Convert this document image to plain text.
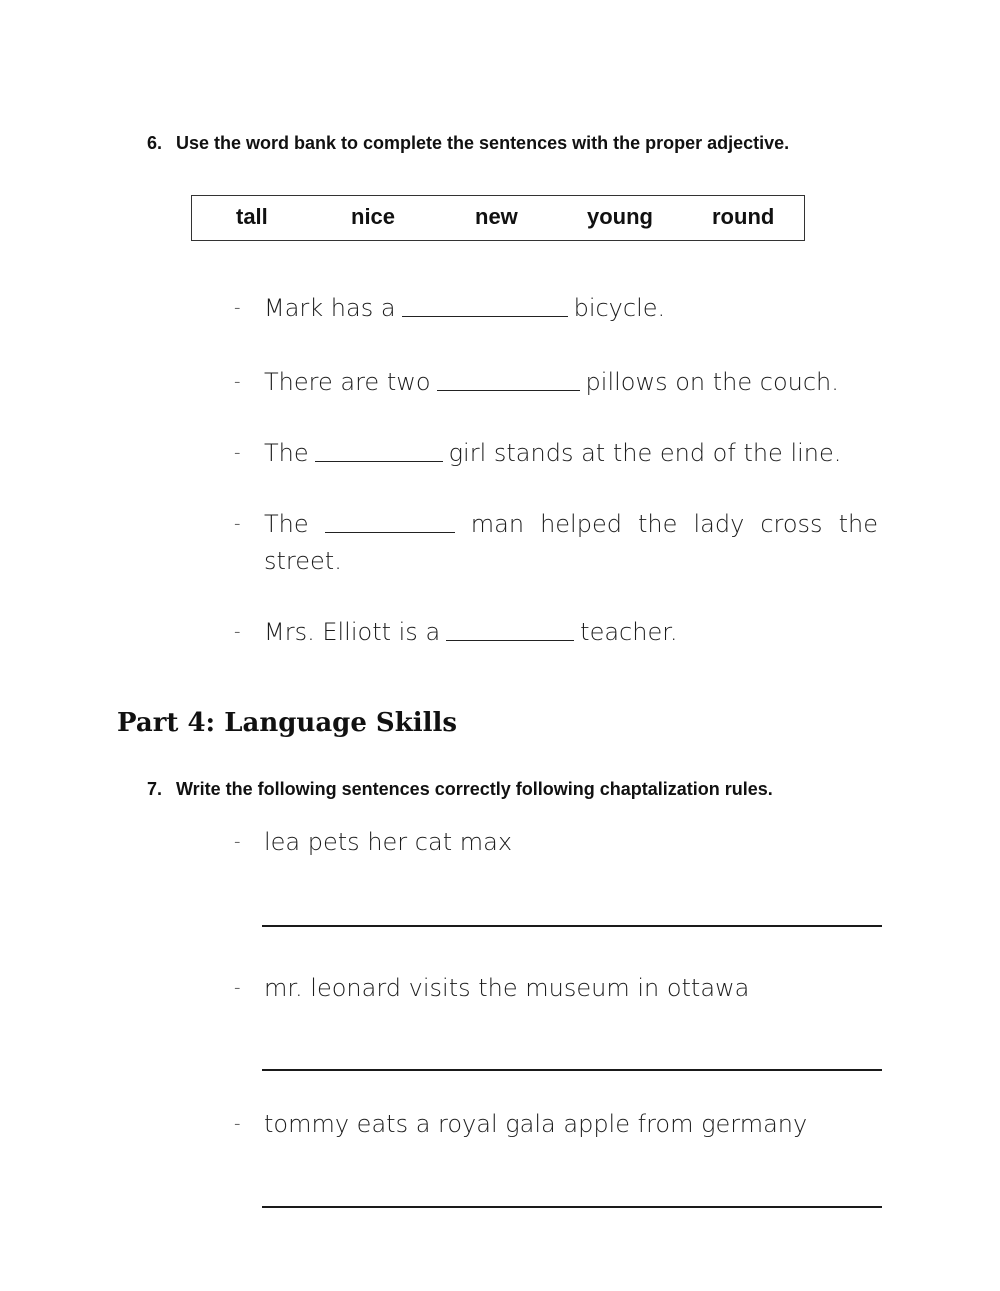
6. Use the word bank to complete the sentences with the proper adjective.
tall	nice	new	young	round
- Mark has a	bicycle.
- There are two	pillows on the couch.
- The	girl stands at the end of the line.
- The	man helped the lady cross the
street.
- Mrs. Elliott is a	teacher.
Part 4: Language Skills
7. Write the following sentences correctly following chaptalization rules.
- lea pets her cat max
- mr. leonard visits the museum in ottawa
- tommy eats a royal gala apple from germany
